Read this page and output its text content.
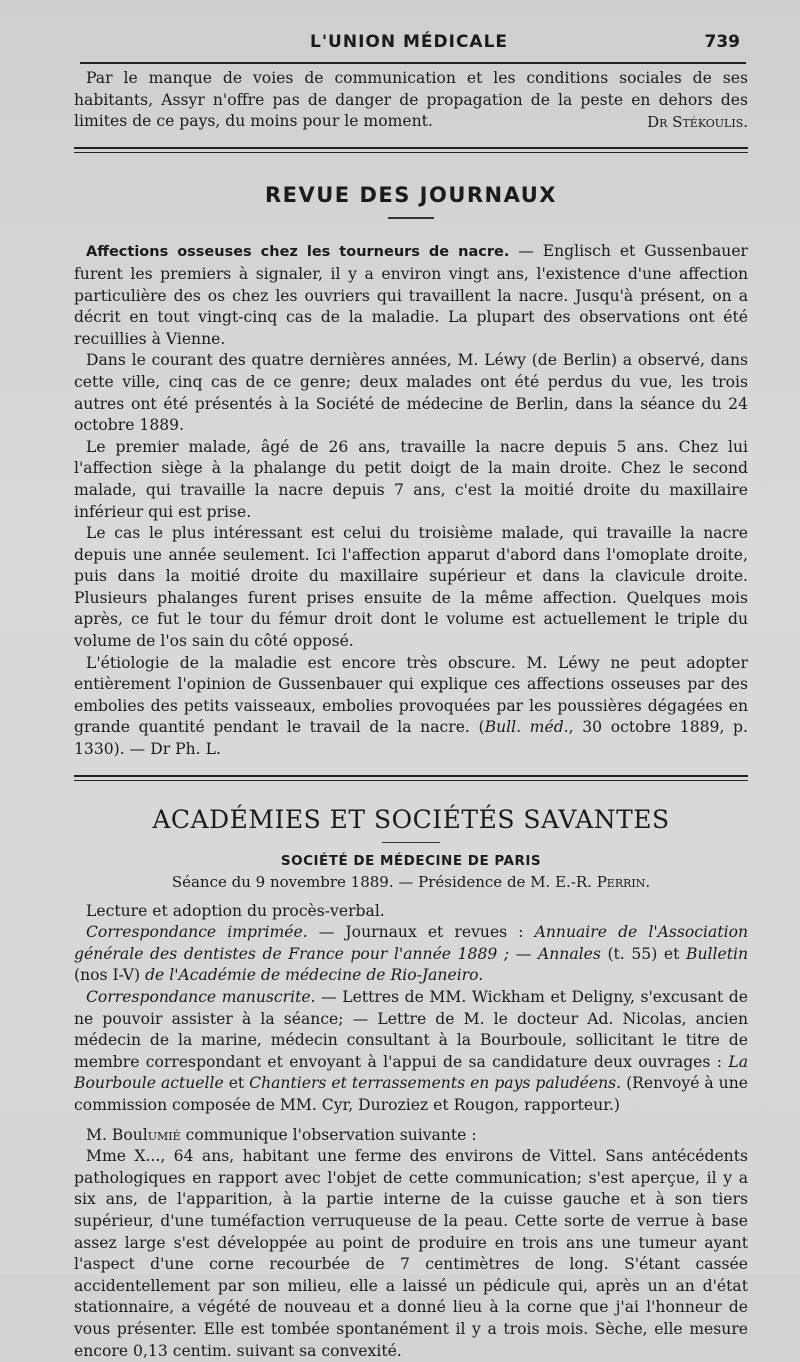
L'UNION MÉDICALE	739

Par le manque de voies de communication et les conditions sociales de ses habitants, Assyr n'offre pas de danger de propagation de la peste en dehors des limites de ce pays, du moins pour le moment.	Dr Stékoulis.

REVUE DES JOURNAUX

Affections osseuses chez les tourneurs de nacre. — Englisch et Gussenbauer furent les premiers à signaler, il y a environ vingt ans, l'existence d'une affection particulière des os chez les ouvriers qui travaillent la nacre. Jusqu'à présent, on a décrit en tout vingt-cinq cas de la maladie. La plupart des observations ont été recuillies à Vienne.

Dans le courant des quatre dernières années, M. Léwy (de Berlin) a observé, dans cette ville, cinq cas de ce genre; deux malades ont été perdus du vue, les trois autres ont été présentés à la Société de médecine de Berlin, dans la séance du 24 octobre 1889.

Le premier malade, âgé de 26 ans, travaille la nacre depuis 5 ans. Chez lui l'affection siège à la phalange du petit doigt de la main droite. Chez le second malade, qui travaille la nacre depuis 7 ans, c'est la moitié droite du maxillaire inférieur qui est prise.

Le cas le plus intéressant est celui du troisième malade, qui travaille la nacre depuis une année seulement. Ici l'affection apparut d'abord dans l'omoplate droite, puis dans la moitié droite du maxillaire supérieur et dans la clavicule droite. Plusieurs phalanges furent prises ensuite de la même affection. Quelques mois après, ce fut le tour du fémur droit dont le volume est actuellement le triple du volume de l'os sain du côté opposé.

L'étiologie de la maladie est encore très obscure. M. Léwy ne peut adopter entièrement l'opinion de Gussenbauer qui explique ces affections osseuses par des embolies des petits vaisseaux, embolies provoquées par les poussières dégagées en grande quantité pendant le travail de la nacre. (Bull. méd., 30 octobre 1889, p. 1330). — Dr Ph. L.

ACADÉMIES ET SOCIÉTÉS SAVANTES
SOCIÉTÉ DE MÉDECINE DE PARIS
Séance du 9 novembre 1889. — Présidence de M. E.-R. Perrin.

Lecture et adoption du procès-verbal.

Correspondance imprimée. — Journaux et revues : Annuaire de l'Association générale des dentistes de France pour l'année 1889 ; — Annales (t. 55) et Bulletin (nos I-V) de l'Académie de médecine de Rio-Janeiro.

Correspondance manuscrite. — Lettres de MM. Wickham et Deligny, s'excusant de ne pouvoir assister à la séance; — Lettre de M. le docteur Ad. Nicolas, ancien médecin de la marine, médecin consultant à la Bourboule, sollicitant le titre de membre correspondant et envoyant à l'appui de sa candidature deux ouvrages : La Bourboule actuelle et Chantiers et terrassements en pays paludéens. (Renvoyé à une commission composée de MM. Cyr, Duroziez et Rougon, rapporteur.)

M. Boulumié communique l'observation suivante :

Mme X..., 64 ans, habitant une ferme des environs de Vittel. Sans antécédents pathologiques en rapport avec l'objet de cette communication; s'est aperçue, il y a six ans, de l'apparition, à la partie interne de la cuisse gauche et à son tiers supérieur, d'une tuméfaction verruqueuse de la peau. Cette sorte de verrue à base assez large s'est développée au point de produire en trois ans une tumeur ayant l'aspect d'une corne recourbée de 7 centimètres de long. S'étant cassée accidentellement par son milieu, elle a laissé un pédicule qui, après un an d'état stationnaire, a végété de nouveau et a donné lieu à la corne que j'ai l'honneur de vous présenter. Elle est tombée spontanément il y a trois mois. Sèche, elle mesure encore 0,13 centim. suivant sa convexité.
